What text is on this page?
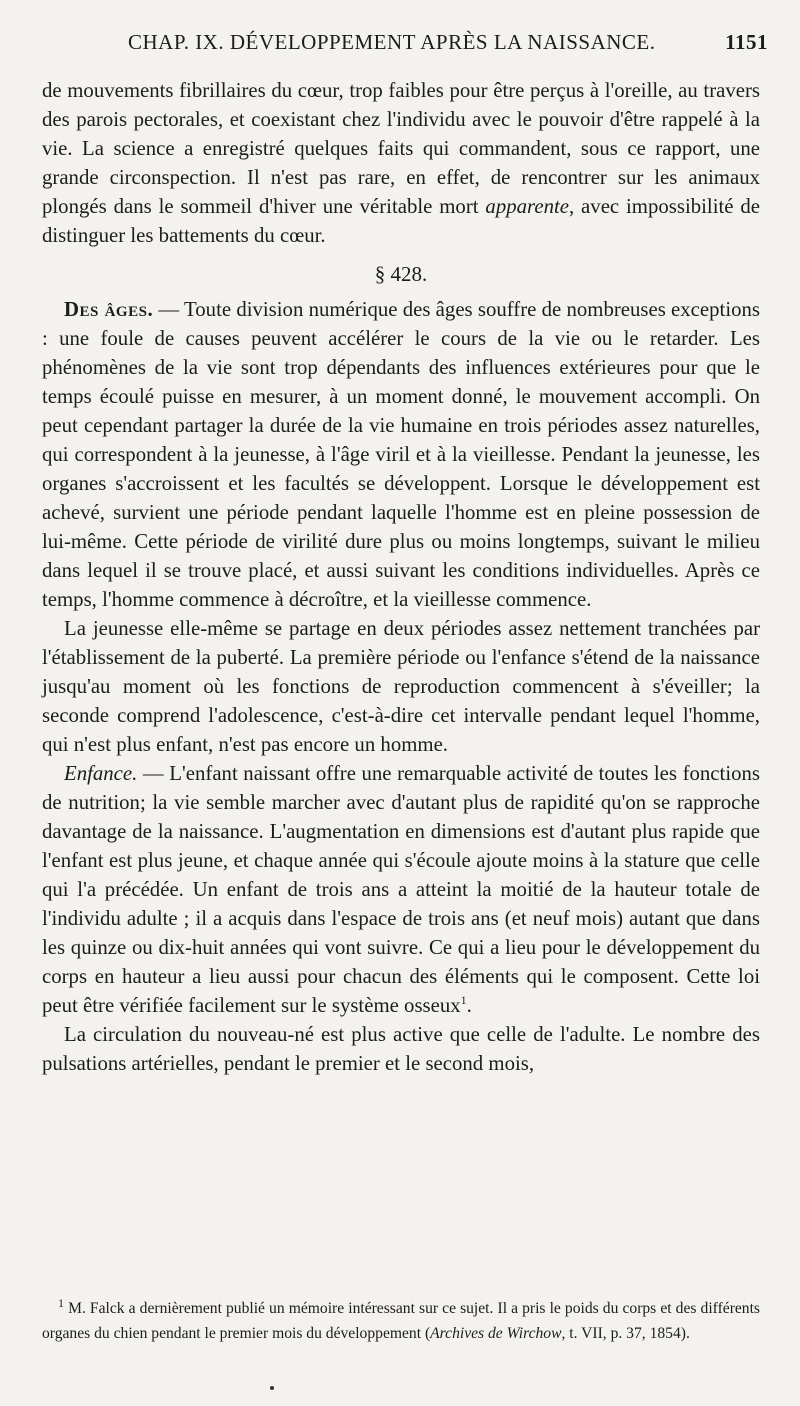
CHAP. IX. DÉVELOPPEMENT APRÈS LA NAISSANCE.	1151

de mouvements fibrillaires du cœur, trop faibles pour être perçus à l'oreille, au travers des parois pectorales, et coexistant chez l'individu avec le pouvoir d'être rappelé à la vie. La science a enregistré quelques faits qui commandent, sous ce rapport, une grande circonspection. Il n'est pas rare, en effet, de rencontrer sur les animaux plongés dans le sommeil d'hiver une véritable mort apparente, avec impossibilité de distinguer les battements du cœur.

§ 428.

Des âges. — Toute division numérique des âges souffre de nombreuses exceptions : une foule de causes peuvent accélérer le cours de la vie ou le retarder. Les phénomènes de la vie sont trop dépendants des influences extérieures pour que le temps écoulé puisse en mesurer, à un moment donné, le mouvement accompli. On peut cependant partager la durée de la vie humaine en trois périodes assez naturelles, qui correspondent à la jeunesse, à l'âge viril et à la vieillesse. Pendant la jeunesse, les organes s'accroissent et les facultés se développent. Lorsque le développement est achevé, survient une période pendant laquelle l'homme est en pleine possession de lui-même. Cette période de virilité dure plus ou moins longtemps, suivant le milieu dans lequel il se trouve placé, et aussi suivant les conditions individuelles. Après ce temps, l'homme commence à décroître, et la vieillesse commence.

La jeunesse elle-même se partage en deux périodes assez nettement tranchées par l'établissement de la puberté. La première période ou l'enfance s'étend de la naissance jusqu'au moment où les fonctions de reproduction commencent à s'éveiller; la seconde comprend l'adolescence, c'est-à-dire cet intervalle pendant lequel l'homme, qui n'est plus enfant, n'est pas encore un homme.

Enfance. — L'enfant naissant offre une remarquable activité de toutes les fonctions de nutrition; la vie semble marcher avec d'autant plus de rapidité qu'on se rapproche davantage de la naissance. L'augmentation en dimensions est d'autant plus rapide que l'enfant est plus jeune, et chaque année qui s'écoule ajoute moins à la stature que celle qui l'a précédée. Un enfant de trois ans a atteint la moitié de la hauteur totale de l'individu adulte ; il a acquis dans l'espace de trois ans (et neuf mois) autant que dans les quinze ou dix-huit années qui vont suivre. Ce qui a lieu pour le développement du corps en hauteur a lieu aussi pour chacun des éléments qui le composent. Cette loi peut être vérifiée facilement sur le système osseux$^1$.

La circulation du nouveau-né est plus active que celle de l'adulte. Le nombre des pulsations artérielles, pendant le premier et le second mois,

$^1$ M. Falck a dernièrement publié un mémoire intéressant sur ce sujet. Il a pris le poids du corps et des différents organes du chien pendant le premier mois du développement (Archives de Wirchow, t. VII, p. 37, 1854).
